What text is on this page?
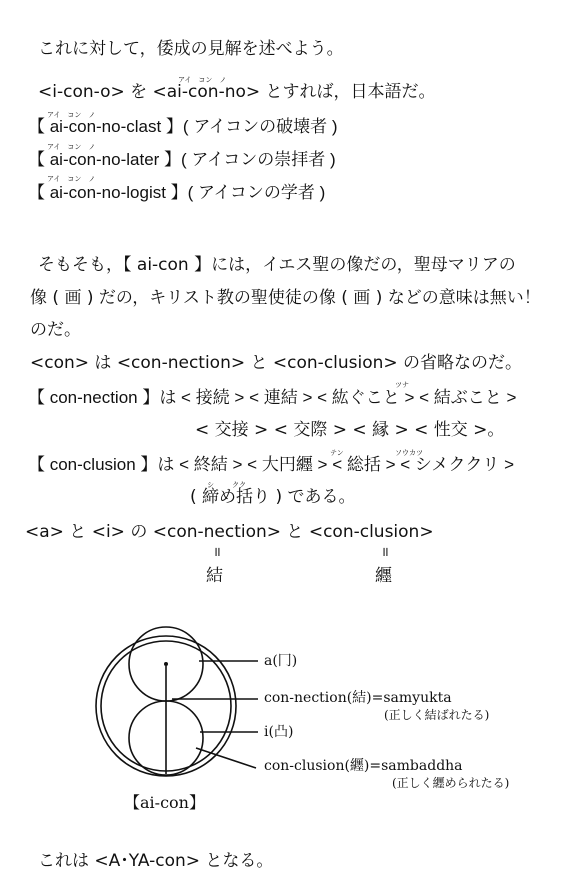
これに対して，倭成の見解を述べよう。
アイ　コン　ノ
<i-con-o> を <ai-con-no> とすれば，日本語だ。
アイ　コン　ノ
【 ai-con-no-clast 】( アイコンの破壊者 )
アイ　コン　ノ
【 ai-con-no-later 】( アイコンの崇拝者 )
アイ　コン　ノ
【 ai-con-no-logist 】( アイコンの学者 )
そもそも，【 ai-con 】には，イエス聖の像だの，聖母マリアの
像 ( 画 ) だの，キリスト教の聖使徒の像 ( 画 ) などの意味は無い！
のだ。
<con> は <con-nection> と <con-clusion> の省略なのだ。
ツナ
【 con-nection 】は < 接続 > < 連結 > < 紘ぐこと > < 結ぶこと >
< 交接 > < 交際 > < 縁 > < 性交 >。
テン	ソウカツ
【 con-clusion 】は < 終結 > < 大円纒 > < 総括 > < シメククリ >
シ	クク
( 締め括り ) である。
<a> と <i> の <con-nection> と <con-clusion>
॥	॥
結	纒
a(冂)
con-nection(結)=samyukta
(正しく結ばれたる)
i(凸)
con-clusion(纒)=sambaddha
(正しく纒められたる)
【ai-con】
これは <A･YA-con> となる。
